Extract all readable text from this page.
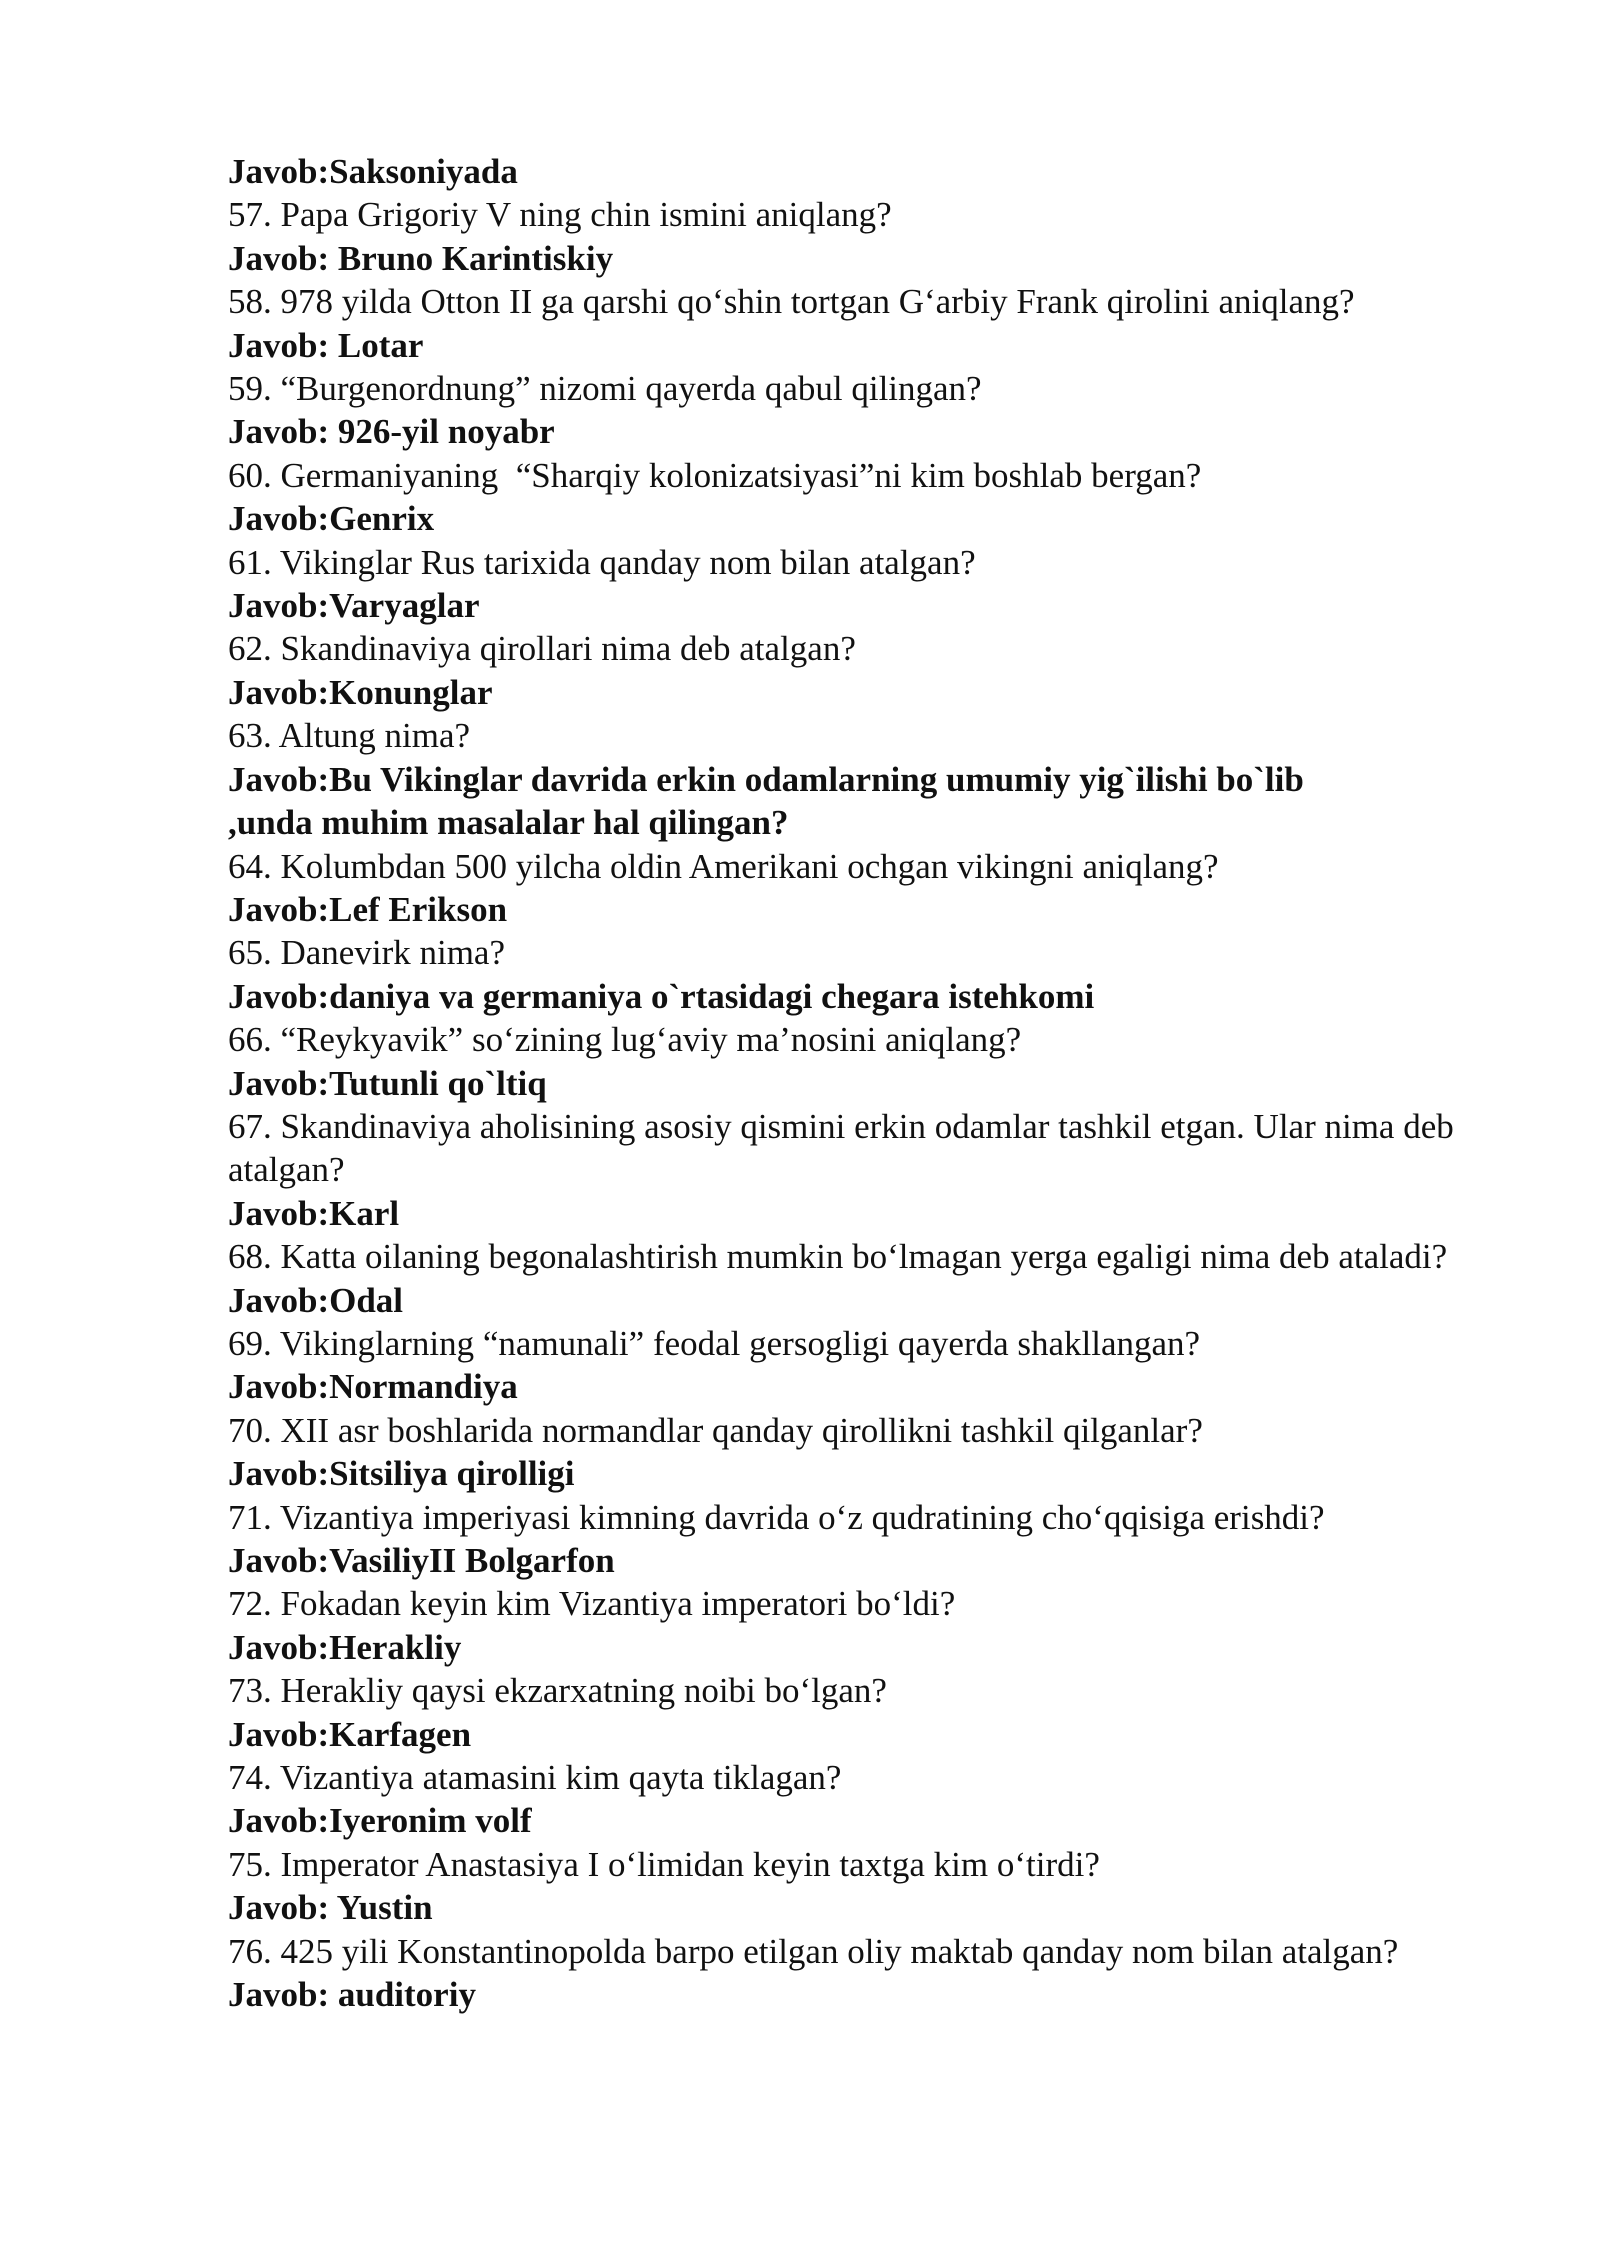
Javob:Saksoniyada

57. Papa Grigoriy V ning chin ismini aniqlang?

Javob: Bruno Karintiskiy

58. 978 yilda Otton II ga qarshi qo‘shin tortgan G‘arbiy Frank qirolini aniqlang?

Javob: Lotar

59. “Burgenordnung” nizomi qayerda qabul qilingan?

Javob: 926-yil noyabr

60. Germaniyaning  “Sharqiy kolonizatsiyasi”ni kim boshlab bergan?

Javob:Genrix

61. Vikinglar Rus tarixida qanday nom bilan atalgan?

Javob:Varyaglar

62. Skandinaviya qirollari nima deb atalgan?

Javob:Konunglar

63. Altung nima?

Javob:Bu Vikinglar davrida erkin odamlarning umumiy yig`ilishi bo`lib ,unda muhim masalalar hal qilingan?

64. Kolumbdan 500 yilcha oldin Amerikani ochgan vikingni aniqlang?

Javob:Lef Erikson

65. Danevirk nima?

Javob:daniya va germaniya o`rtasidagi chegara istehkomi

66. “Reykyavik” so‘zining lug‘aviy ma’nosini aniqlang?

Javob:Tutunli qo`ltiq

67. Skandinaviya aholisining asosiy qismini erkin odamlar tashkil etgan. Ular nima deb atalgan?

Javob:Karl

68. Katta oilaning begonalashtirish mumkin bo‘lmagan yerga egaligi nima deb ataladi?

Javob:Odal

69. Vikinglarning “namunali” feodal gersogligi qayerda shakllangan?

Javob:Normandiya

70. XII asr boshlarida normandlar qanday qirollikni tashkil qilganlar?

Javob:Sitsiliya qirolligi

71. Vizantiya imperiyasi kimning davrida o‘z qudratining cho‘qqisiga erishdi?

Javob:VasiliyII Bolgarfon

72. Fokadan keyin kim Vizantiya imperatori bo‘ldi?

Javob:Herakliy

73. Herakliy qaysi ekzarxatning noibi bo‘lgan?

Javob:Karfagen

74. Vizantiya atamasini kim qayta tiklagan?

Javob:Iyeronim volf

75. Imperator Anastasiya I o‘limidan keyin taxtga kim o‘tirdi?

Javob: Yustin

76. 425 yili Konstantinopolda barpo etilgan oliy maktab qanday nom bilan atalgan?

Javob: auditoriy
